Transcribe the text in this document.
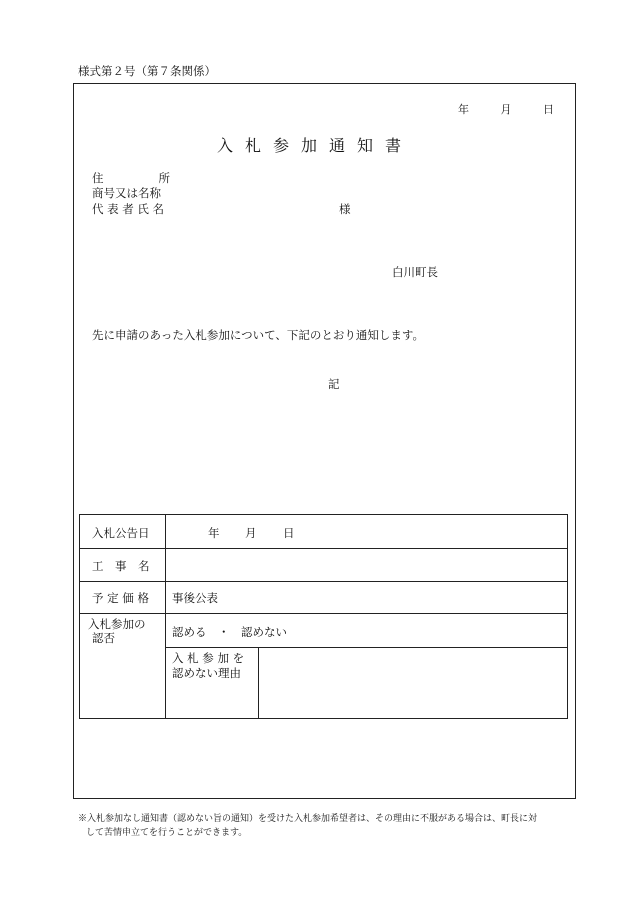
様式第２号（第７条関係）
年	月	日
入札参加通知書
住	所
商号又は名称
代 表 者 氏 名	様
白川町長
先に申請のあった入札参加について、下記のとおり通知します。
記
入札公告日	年 月 日
工　事　名
予 定 価 格 事後公表
入札参加の
認否	認める　・　認めない
入 札 参 加 を
認めない理由
※入札参加なし通知書（認めない旨の通知）を受けた入札参加希望者は、その理由に不服がある場合は、町長に対
して苦情申立てを行うことができます。
